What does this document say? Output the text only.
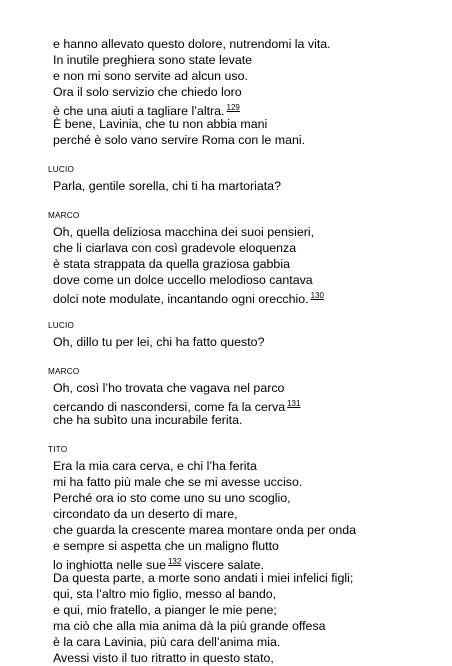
e hanno allevato questo dolore, nutrendomi la vita.
In inutile preghiera sono state levate
e non mi sono servite ad alcun uso.
Ora il solo servizio che chiedo loro
è che una aiuti a tagliare l’altra. $^{129}$
È bene, Lavinia, che tu non abbia mani
perché è solo vano servire Roma con le mani.
LUCIO
Parla, gentile sorella, chi ti ha martoriata?
MARCO
Oh, quella deliziosa macchina dei suoi pensieri,
che li ciarlava con così gradevole eloquenza
è stata strappata da quella graziosa gabbia
dove come un dolce uccello melodioso cantava
dolci note modulate, incantando ogni orecchio. $^{130}$
LUCIO
Oh, dillo tu per lei, chi ha fatto questo?
MARCO
Oh, così l’ho trovata che vagava nel parco
cercando di nascondersi, come fa la cerva $^{131}$
che ha subìto una incurabile ferita.
TITO
Era la mia cara cerva, e chi l’ha ferita
mi ha fatto più male che se mi avesse ucciso.
Perché ora io sto come uno su uno scoglio,
circondato da un deserto di mare,
che guarda la crescente marea montare onda per onda
e sempre si aspetta che un maligno flutto
lo inghiotta nelle sue $^{132}$ viscere salate.
Da questa parte, a morte sono andati i miei infelici figli;
qui, sta l’altro mio figlio, messo al bando,
e qui, mio fratello, a pianger le mie pene;
ma ciò che alla mia anima dà la più grande offesa
è la cara Lavinia, più cara dell’anima mia.
Avessi visto il tuo ritratto in questo stato,
